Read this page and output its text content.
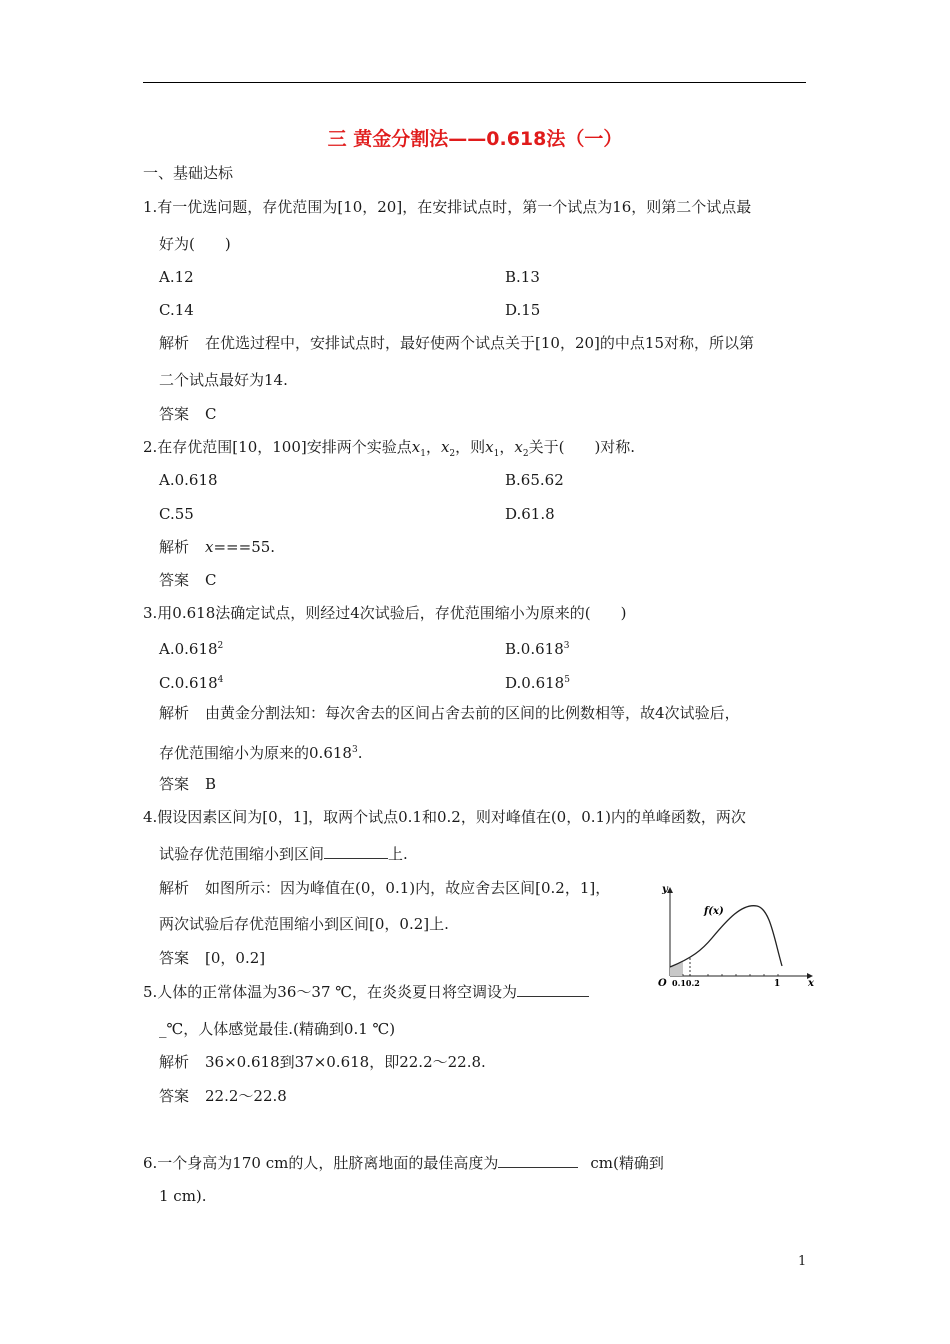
三 黄金分割法——0.618法（一）
一、基础达标
1.有一优选问题，存优范围为[10，20]，在安排试点时，第一个试点为16，则第二个试点最
好为(　　)
A.12	B.13
C.14	D.15
解析 在优选过程中，安排试点时，最好使两个试点关于[10，20]的中点15对称，所以第
二个试点最好为14.
答案 C
2.在存优范围[10，100]安排两个实验点$x_1$，$x_2$，则$x_1$，$x_2$关于(　　)对称.
A.0.618	B.65.62
C.55	D.61.8
解析 x===55.
答案 C
3.用0.618法确定试点，则经过4次试验后，存优范围缩小为原来的(　　)
A.0.618$^2$	B.0.618$^3$
C.0.618$^4$	D.0.618$^5$
解析 由黄金分割法知：每次舍去的区间占舍去前的区间的比例数相等，故4次试验后，
存优范围缩小为原来的0.618$^3$.
答案 B
4.假设因素区间为[0，1]，取两个试点0.1和0.2，则对峰值在(0，0.1)内的单峰函数，两次
试验存优范围缩小到区间	上.
解析 如图所示：因为峰值在(0，0.1)内，故应舍去区间[0.2，1]，
两次试验后存优范围缩小到区间[0，0.2]上.
答案 [0，0.2]
y
x
O 0.10.2	1
f(x)
5.人体的正常体温为36～37 ℃，在炎炎夏日将空调设为
_℃，人体感觉最佳.(精确到0.1 ℃)
解析 36×0.618到37×0.618，即22.2～22.8.
答案 22.2～22.8
6.一个身高为170 cm的人，肚脐离地面的最佳高度为	cm(精确到
1 cm).
1
